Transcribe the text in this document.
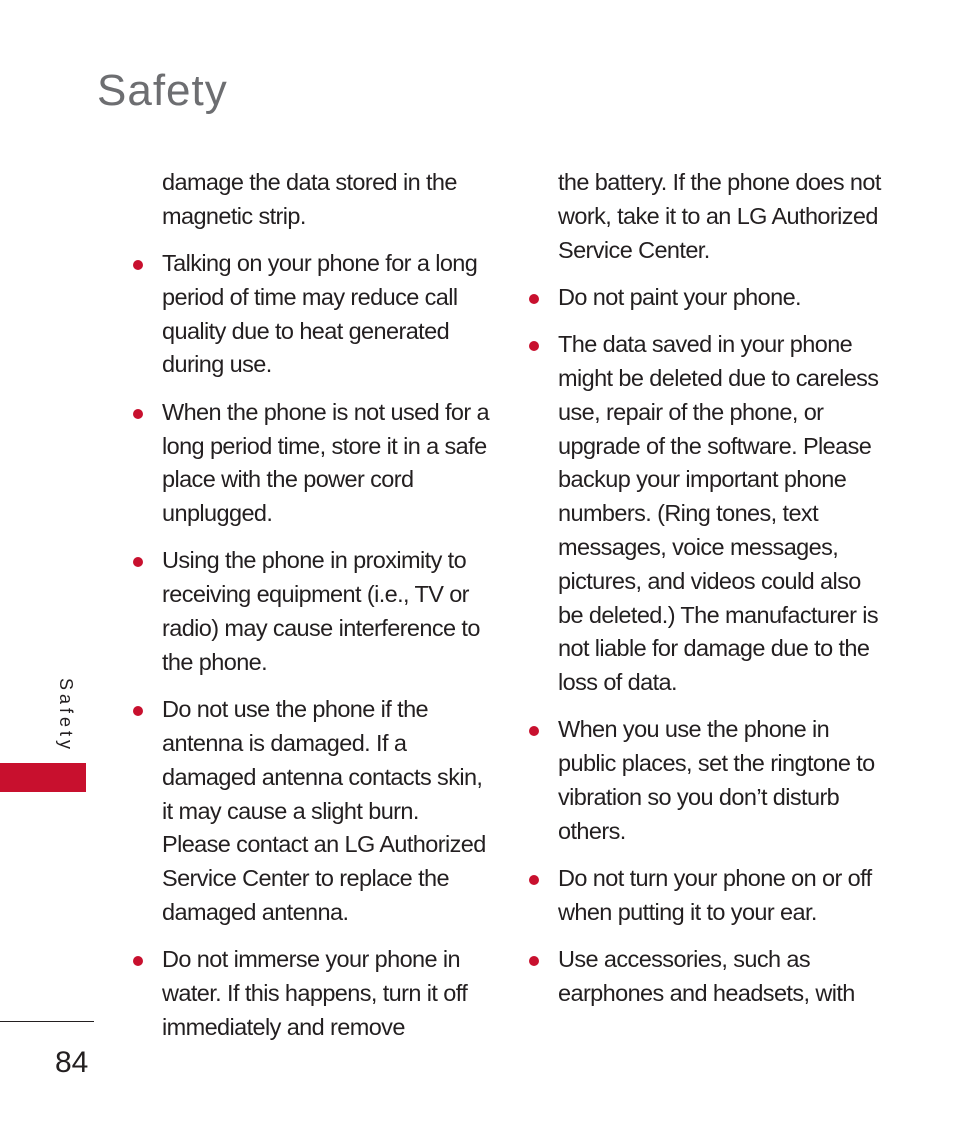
Safety

damage the data stored in the magnetic strip.

Talking on your phone for a long period of time may reduce call quality due to heat generated during use.
When the phone is not used for a long period time, store it in a safe place with the power cord unplugged.
Using the phone in proximity to receiving equipment (i.e., TV or radio) may cause interference to the phone.
Do not use the phone if the antenna is damaged. If a damaged antenna contacts skin, it may cause a slight burn. Please contact an LG Authorized Service Center to replace the damaged antenna.
Do not immerse your phone in water. If this happens, turn it off immediately and remove

the battery. If the phone does not work, take it to an LG Authorized Service Center.

Do not paint your phone.
The data saved in your phone might be deleted due to careless use, repair of the phone, or upgrade of the software. Please backup your important phone numbers. (Ring tones, text messages, voice messages, pictures, and videos could also be deleted.) The manufacturer is not liable for damage due to the loss of data.
When you use the phone in public places, set the ringtone to vibration so you don’t disturb others.
Do not turn your phone on or off when putting it to your ear.
Use accessories, such as earphones and headsets, with
Safety
84
